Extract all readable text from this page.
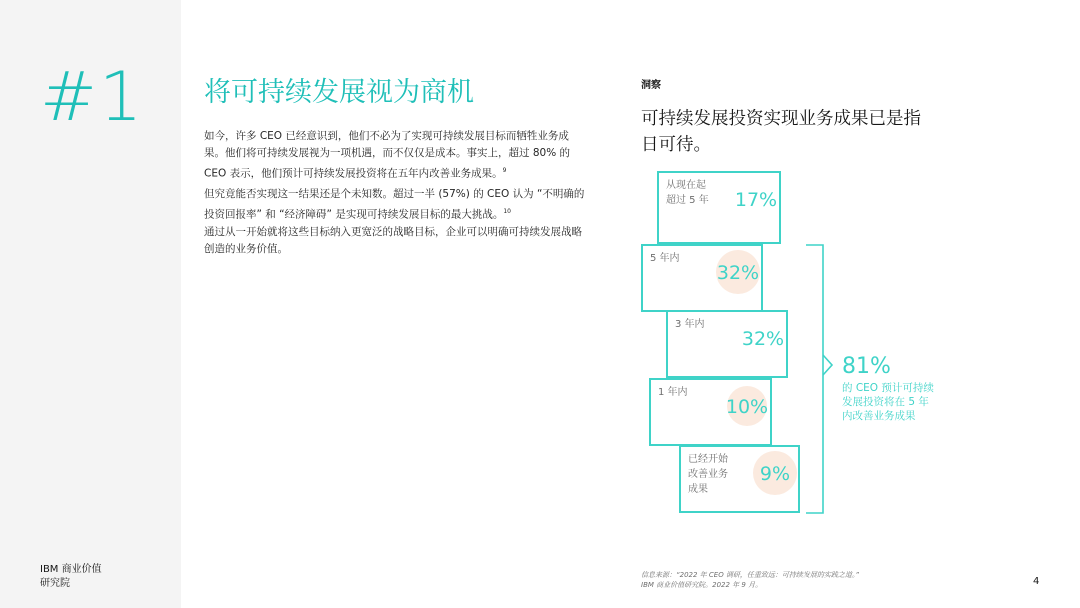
#1
IBM 商业价值
研究院
将可持续发展视为商机

如今，许多 CEO 已经意识到，他们不必为了实现可持续发展目标而牺牲业务成果。他们将可持续发展视为一项机遇，而不仅仅是成本。事实上，超过 80% 的 CEO 表示，他们预计可持续发展投资将在五年内改善业务成果。$^9$

但究竟能否实现这一结果还是个未知数。超过一半 (57%) 的 CEO 认为 “不明确的投资回报率” 和 “经济障碍” 是实现可持续发展目标的最大挑战。$^{10}$
通过从一开始就将这些目标纳入更宽泛的战略目标，企业可以明确可持续发展战略创造的业务价值。

洞察
可持续发展投资实现业务成果已是指日可待。
从现在起
超过 5 年 17%
5 年内
32%
3 年内
32%
1 年内
10%
已经开始
改善业务
成果
9%
81%
的 CEO 预计可持续
发展投资将在 5 年
内改善业务成果
信息来源：“2022 年 CEO 调研，任重致远：可持续发展的实践之道。”
IBM 商业价值研究院。2022 年 9 月。	4
